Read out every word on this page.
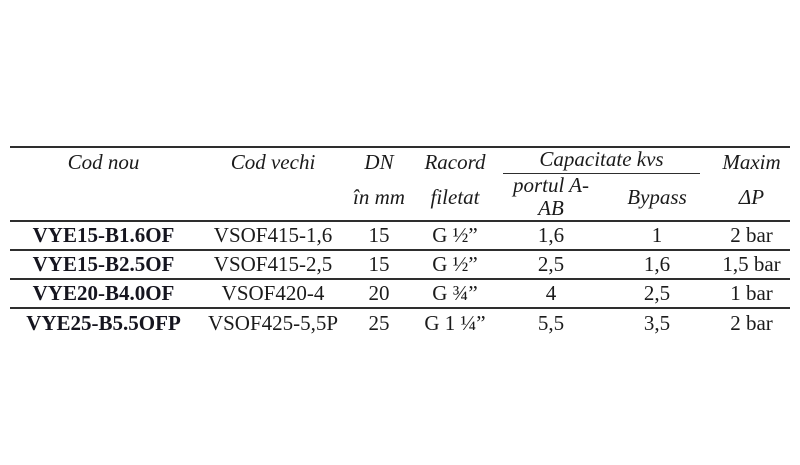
Cod nou	Cod vechi	DN	Racord	Capacitate kvs		Maxim
		în mm	filetat	portul A-AB	Bypass	ΔP
VYE15-B1.6OF	VSOF415-1,6	15	G ½”	1,6	1	2 bar
VYE15-B2.5OF	VSOF415-2,5	15	G ½”	2,5	1,6	1,5 bar
VYE20-B4.0OF	VSOF420-4	20	G ¾”	4	2,5	1 bar
VYE25-B5.5OFP	VSOF425-5,5P	25	G 1 ¼”	5,5	3,5	2 bar
